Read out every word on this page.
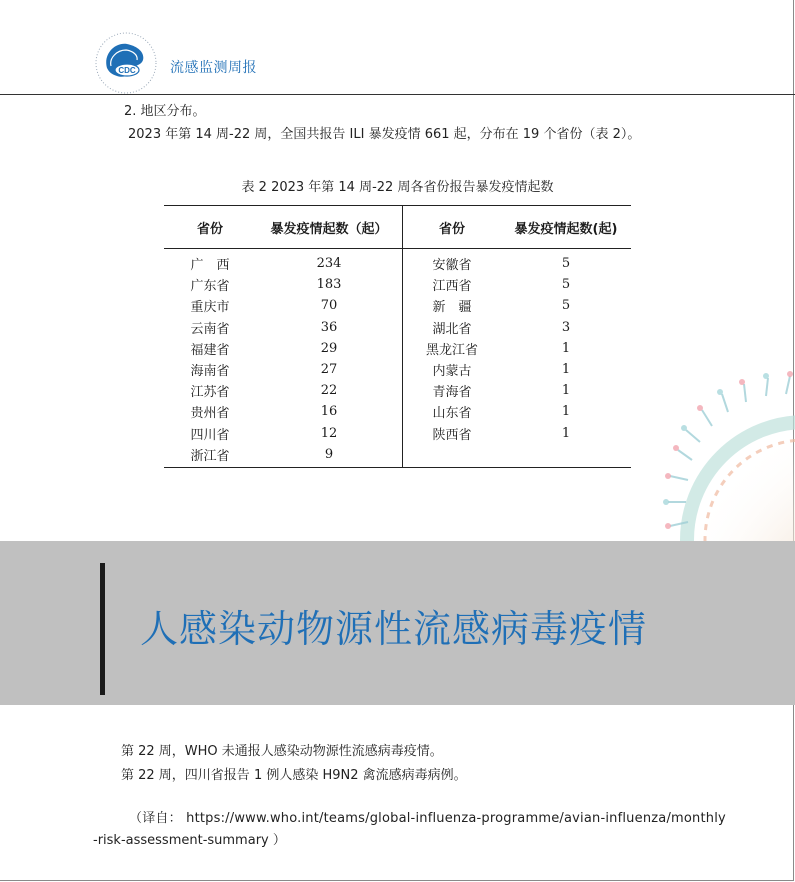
CDC 流感监测周报
2. 地区分布。
2023 年第 14 周-22 周，全国共报告 ILI 暴发疫情 661 起，分布在 19 个省份（表 2）。
表 2 2023 年第 14 周-22 周各省份报告暴发疫情起数
省份	暴发疫情起数（起）	省份	暴发疫情起数(起)
广　西	234	安徽省	5
广东省	183	江西省	5
重庆市	70	新　疆	5
云南省	36	湖北省	3
福建省	29	黑龙江省	1
海南省	27	内蒙古	1
江苏省	22	青海省	1
贵州省	16	山东省	1
四川省	12	陕西省	1
浙江省	9		
人感染动物源性流感病毒疫情
第 22 周，WHO 未通报人感染动物源性流感病毒疫情。
第 22 周，四川省报告 1 例人感染 H9N2 禽流感病毒病例。
（译自： https://www.who.int/teams/global-influenza-programme/avian-influenza/monthly
-risk-assessment-summary ）
